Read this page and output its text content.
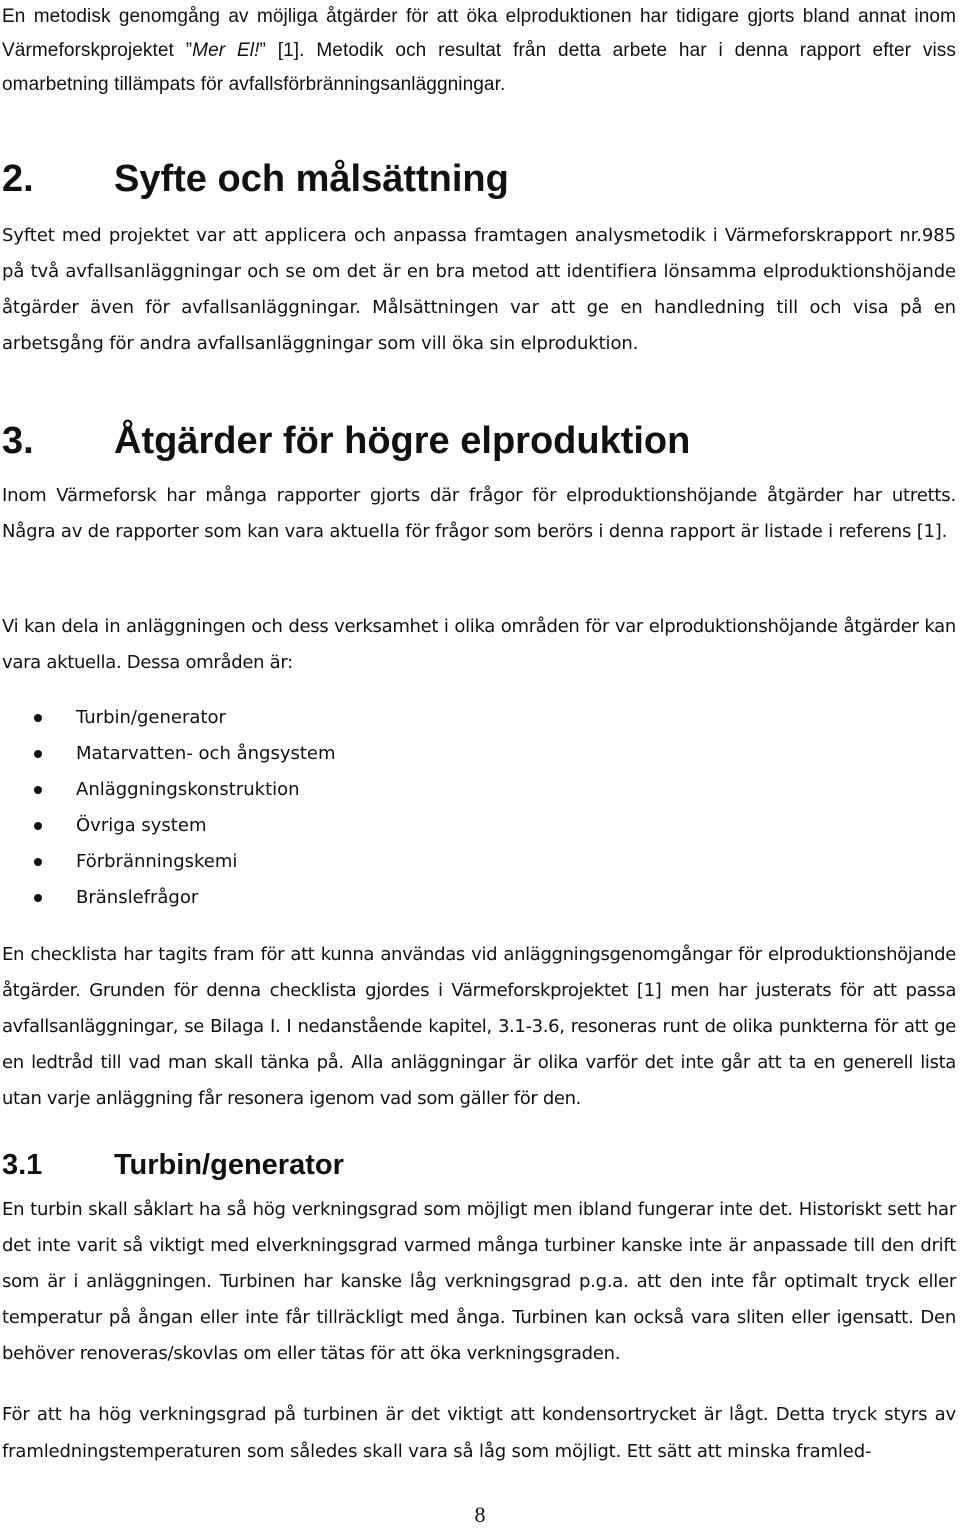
En metodisk genomgång av möjliga åtgärder för att öka elproduktionen har tidigare gjorts bland annat inom Värmeforskprojektet ”Mer El!” [1]. Metodik och resultat från detta arbete har i denna rapport efter viss omarbetning tillämpats för avfallsförbränningsanläggningar.

2. Syfte och målsättning

Syftet med projektet var att applicera och anpassa framtagen analysmetodik i Värmeforskrapport nr.985 på två avfallsanläggningar och se om det är en bra metod att identifiera lönsamma elproduktionshöjande åtgärder även för avfallsanläggningar. Målsättningen var att ge en handledning till och visa på en arbetsgång för andra avfallsanläggningar som vill öka sin elproduktion.

3. Åtgärder för högre elproduktion

Inom Värmeforsk har många rapporter gjorts där frågor för elproduktionshöjande åtgärder har utretts. Några av de rapporter som kan vara aktuella för frågor som berörs i denna rapport är listade i referens [1].

Vi kan dela in anläggningen och dess verksamhet i olika områden för var elproduktionshöjande åtgärder kan vara aktuella. Dessa områden är:

Turbin/generator
Matarvatten- och ångsystem
Anläggningskonstruktion
Övriga system
Förbränningskemi
Bränslefrågor

En checklista har tagits fram för att kunna användas vid anläggningsgenomgångar för elproduktionshöjande åtgärder. Grunden för denna checklista gjordes i Värmeforskprojektet [1] men har justerats för att passa avfallsanläggningar, se Bilaga I. I nedanstående kapitel, 3.1-3.6, resoneras runt de olika punkterna för att ge en ledtråd till vad man skall tänka på. Alla anläggningar är olika varför det inte går att ta en generell lista utan varje anläggning får resonera igenom vad som gäller för den.

3.1 Turbin/generator

En turbin skall såklart ha så hög verkningsgrad som möjligt men ibland fungerar inte det. Historiskt sett har det inte varit så viktigt med elverkningsgrad varmed många turbiner kanske inte är anpassade till den drift som är i anläggningen. Turbinen har kanske låg verkningsgrad p.g.a. att den inte får optimalt tryck eller temperatur på ångan eller inte får tillräckligt med ånga. Turbinen kan också vara sliten eller igensatt. Den behöver renoveras/skovlas om eller tätas för att öka verkningsgraden.

För att ha hög verkningsgrad på turbinen är det viktigt att kondensortrycket är lågt. Detta tryck styrs av framledningstemperaturen som således skall vara så låg som möjligt. Ett sätt att minska framled-

8
